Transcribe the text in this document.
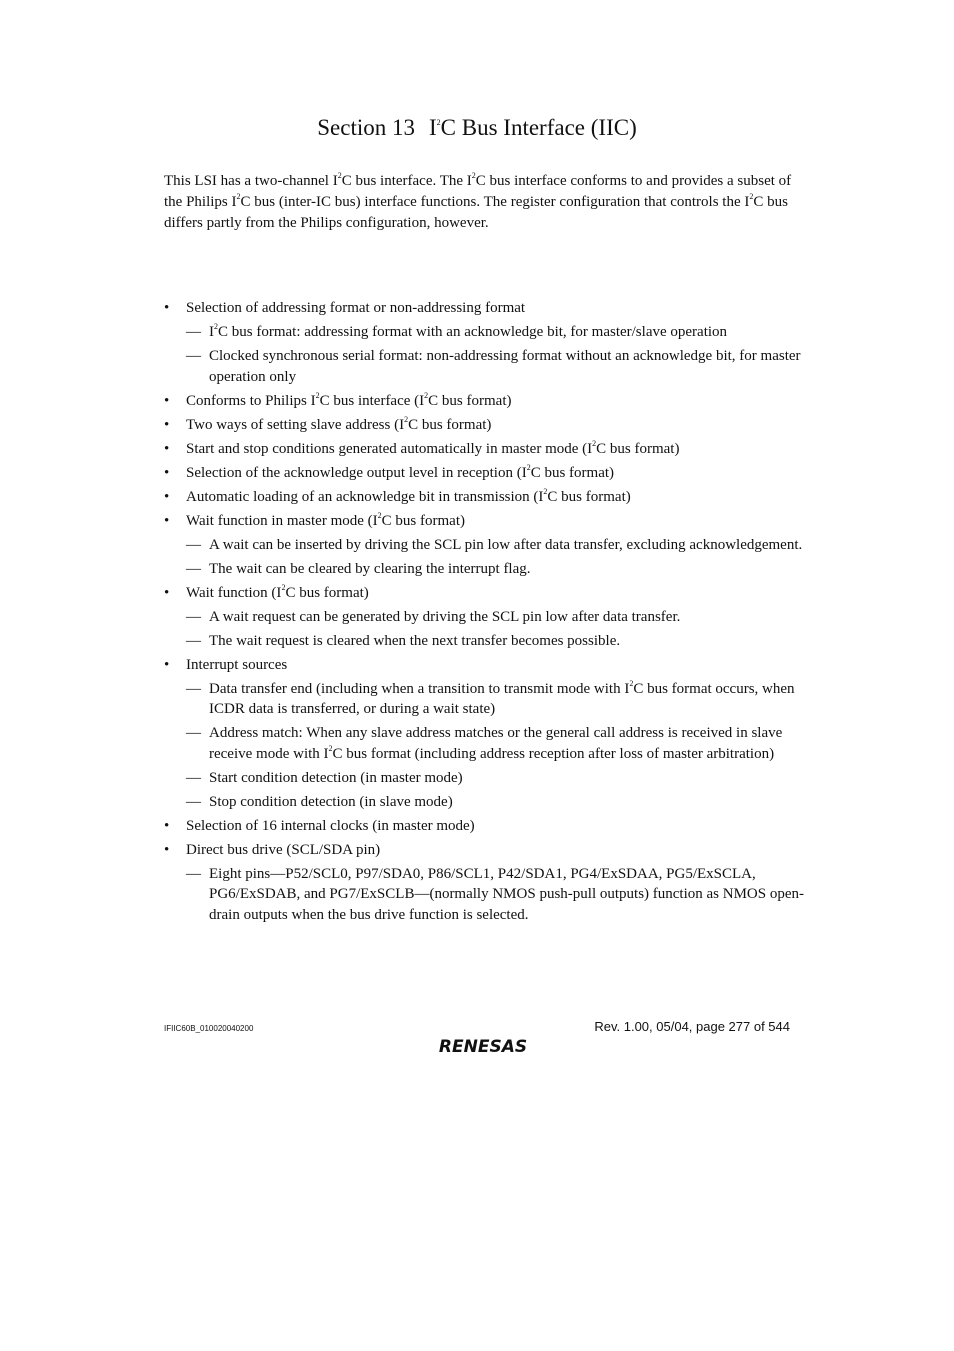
Section 13 $I^2C$ Bus Interface (IIC)

This LSI has a two-channel $I^2C$ bus interface. The $I^2C$ bus interface conforms to and provides a subset of the Philips $I^2C$ bus (inter-IC bus) interface functions. The register configuration that controls the $I^2C$ bus differs partly from the Philips configuration, however.

• Selection of addressing format or non-addressing format
— $I^2C$ bus format: addressing format with an acknowledge bit, for master/slave operation
— Clocked synchronous serial format: non-addressing format without an acknowledge bit, for master operation only
• Conforms to Philips $I^2C$ bus interface ($I^2C$ bus format)
• Two ways of setting slave address ($I^2C$ bus format)
• Start and stop conditions generated automatically in master mode ($I^2C$ bus format)
• Selection of the acknowledge output level in reception ($I^2C$ bus format)
• Automatic loading of an acknowledge bit in transmission ($I^2C$ bus format)
• Wait function in master mode ($I^2C$ bus format)
— A wait can be inserted by driving the SCL pin low after data transfer, excluding acknowledgement.
— The wait can be cleared by clearing the interrupt flag.
• Wait function ($I^2C$ bus format)
— A wait request can be generated by driving the SCL pin low after data transfer.
— The wait request is cleared when the next transfer becomes possible.
• Interrupt sources
— Data transfer end (including when a transition to transmit mode with $I^2C$ bus format occurs, when ICDR data is transferred, or during a wait state)
— Address match: When any slave address matches or the general call address is received in slave receive mode with $I^2C$ bus format (including address reception after loss of master arbitration)
— Start condition detection (in master mode)
— Stop condition detection (in slave mode)
• Selection of 16 internal clocks (in master mode)
• Direct bus drive (SCL/SDA pin)
— Eight pins—P52/SCL0, P97/SDA0, P86/SCL1, P42/SDA1, PG4/ExSDAA, PG5/ExSCLA, PG6/ExSDAB, and PG7/ExSCLB—(normally NMOS push-pull outputs) function as NMOS open-drain outputs when the bus drive function is selected.
IFIIC60B_010020040200	Rev. 1.00, 05/04, page 277 of 544
RENESAS
